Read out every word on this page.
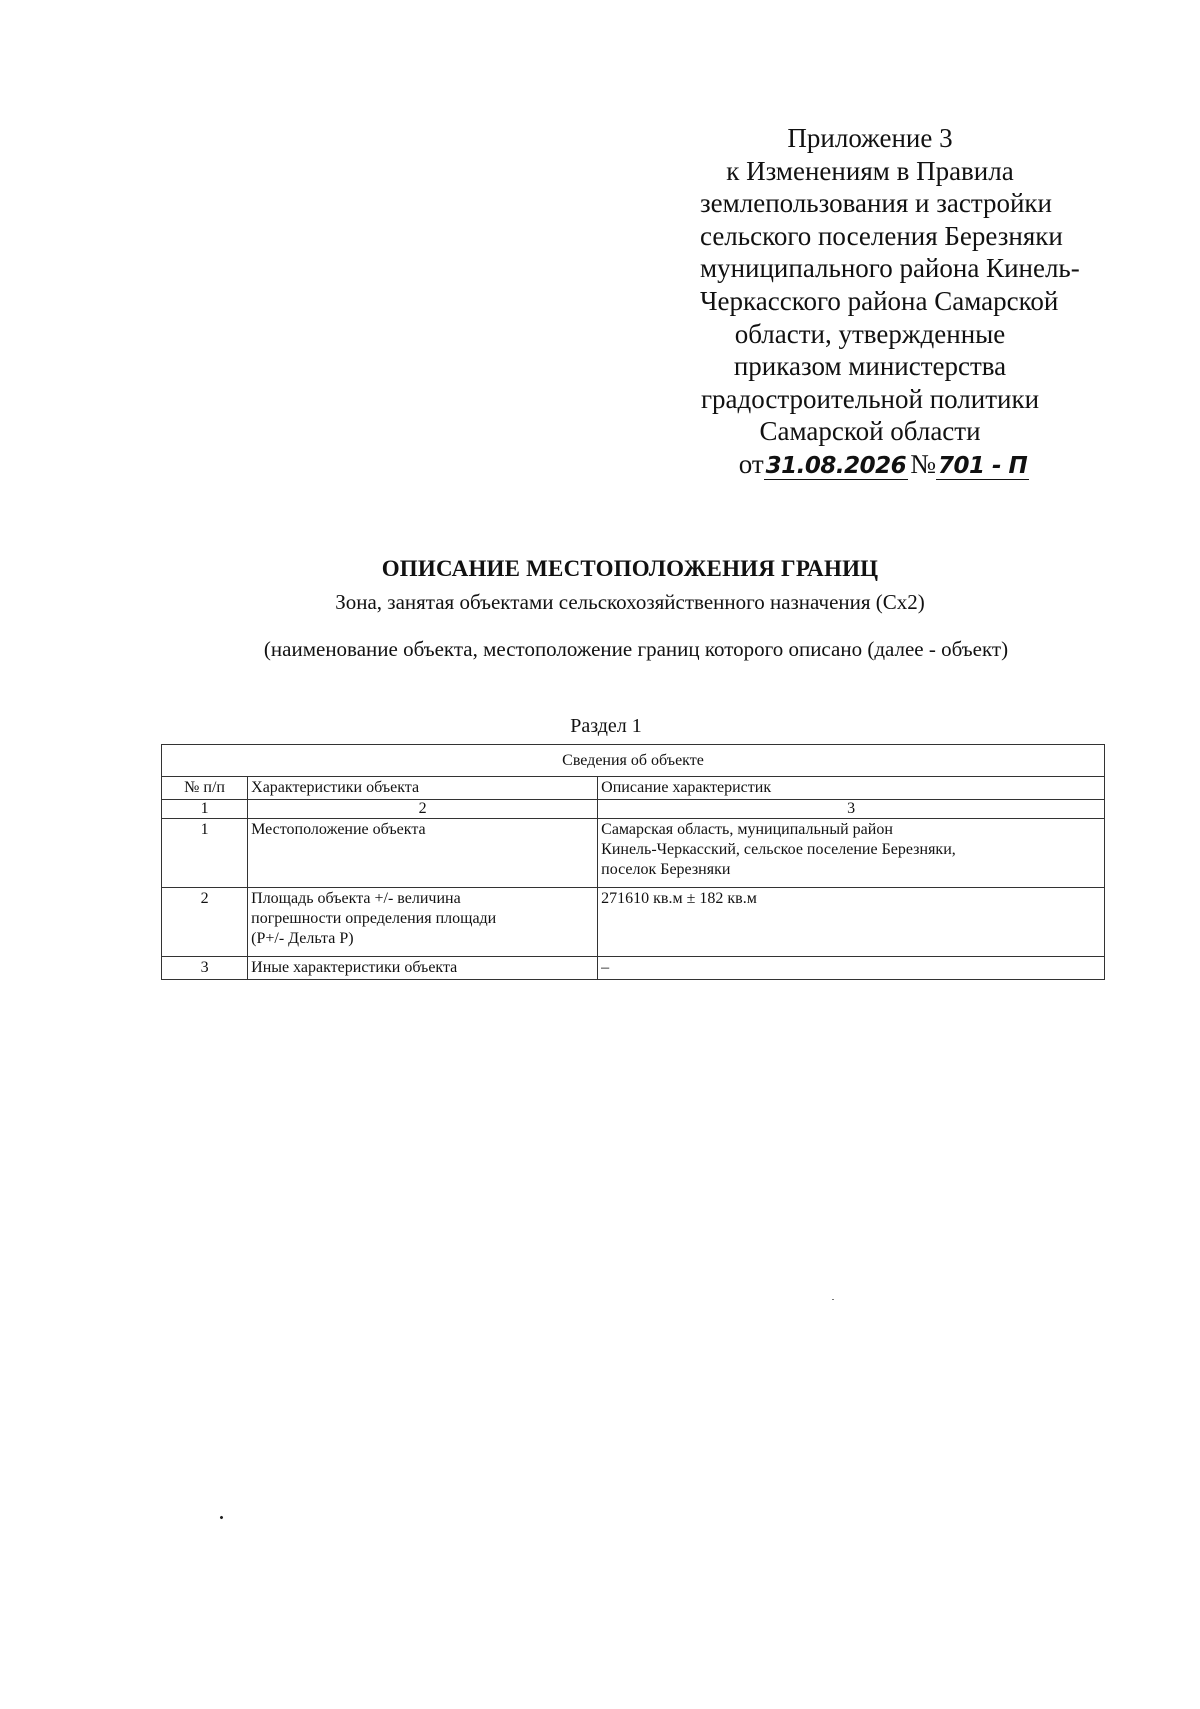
Приложение 3
к Изменениям в Правила
землепользования и застройки
сельского поселения Березняки
муниципального района Кинель-
Черкасского района Самарской
области, утвержденные
приказом министерства
градостроительной политики
Самарской области
от31.08.2026 №701 - П
ОПИСАНИЕ МЕСТОПОЛОЖЕНИЯ ГРАНИЦ
Зона, занятая объектами сельскохозяйственного назначения (Сх2)
(наименование объекта, местоположение границ которого описано (далее - объект)
Раздел 1
Сведения об объекте		
№ п/п	Характеристики объекта	Описание характеристик
1	2	3
1	Местоположение объекта	Самарская область, муниципальный район
Кинель-Черкасский, сельское поселение Березняки,
поселок Березняки

2	Площадь объекта +/- величина
погрешности определения площади
(Р+/- Дельта Р)	271610 кв.м ± 182 кв.м
3	Иные характеристики объекта	–
